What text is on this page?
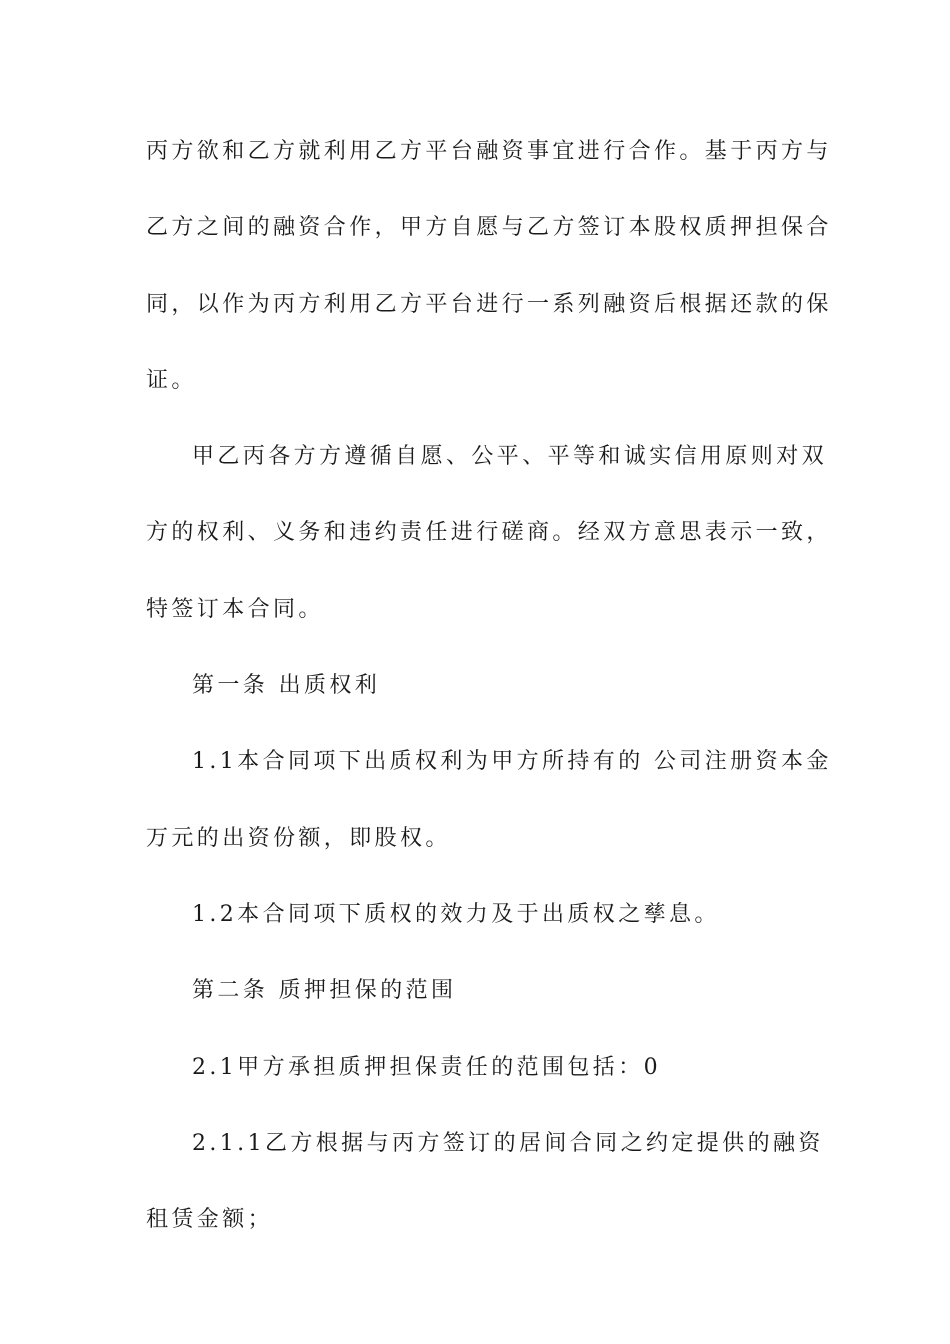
丙方欲和乙方就利用乙方平台融资事宜进行合作。基于丙方与
乙方之间的融资合作，甲方自愿与乙方签订本股权质押担保合
同，以作为丙方利用乙方平台进行一系列融资后根据还款的保
证。
甲乙丙各方方遵循自愿、公平、平等和诚实信用原则对双
方的权利、义务和违约责任进行磋商。经双方意思表示一致，
特签订本合同。
第一条 出质权利
1.1本合同项下出质权利为甲方所持有的 公司注册资本金
万元的出资份额，即股权。
1.2本合同项下质权的效力及于出质权之孳息。
第二条 质押担保的范围
2.1甲方承担质押担保责任的范围包括：0
2.1.1乙方根据与丙方签订的居间合同之约定提供的融资
租赁金额；
